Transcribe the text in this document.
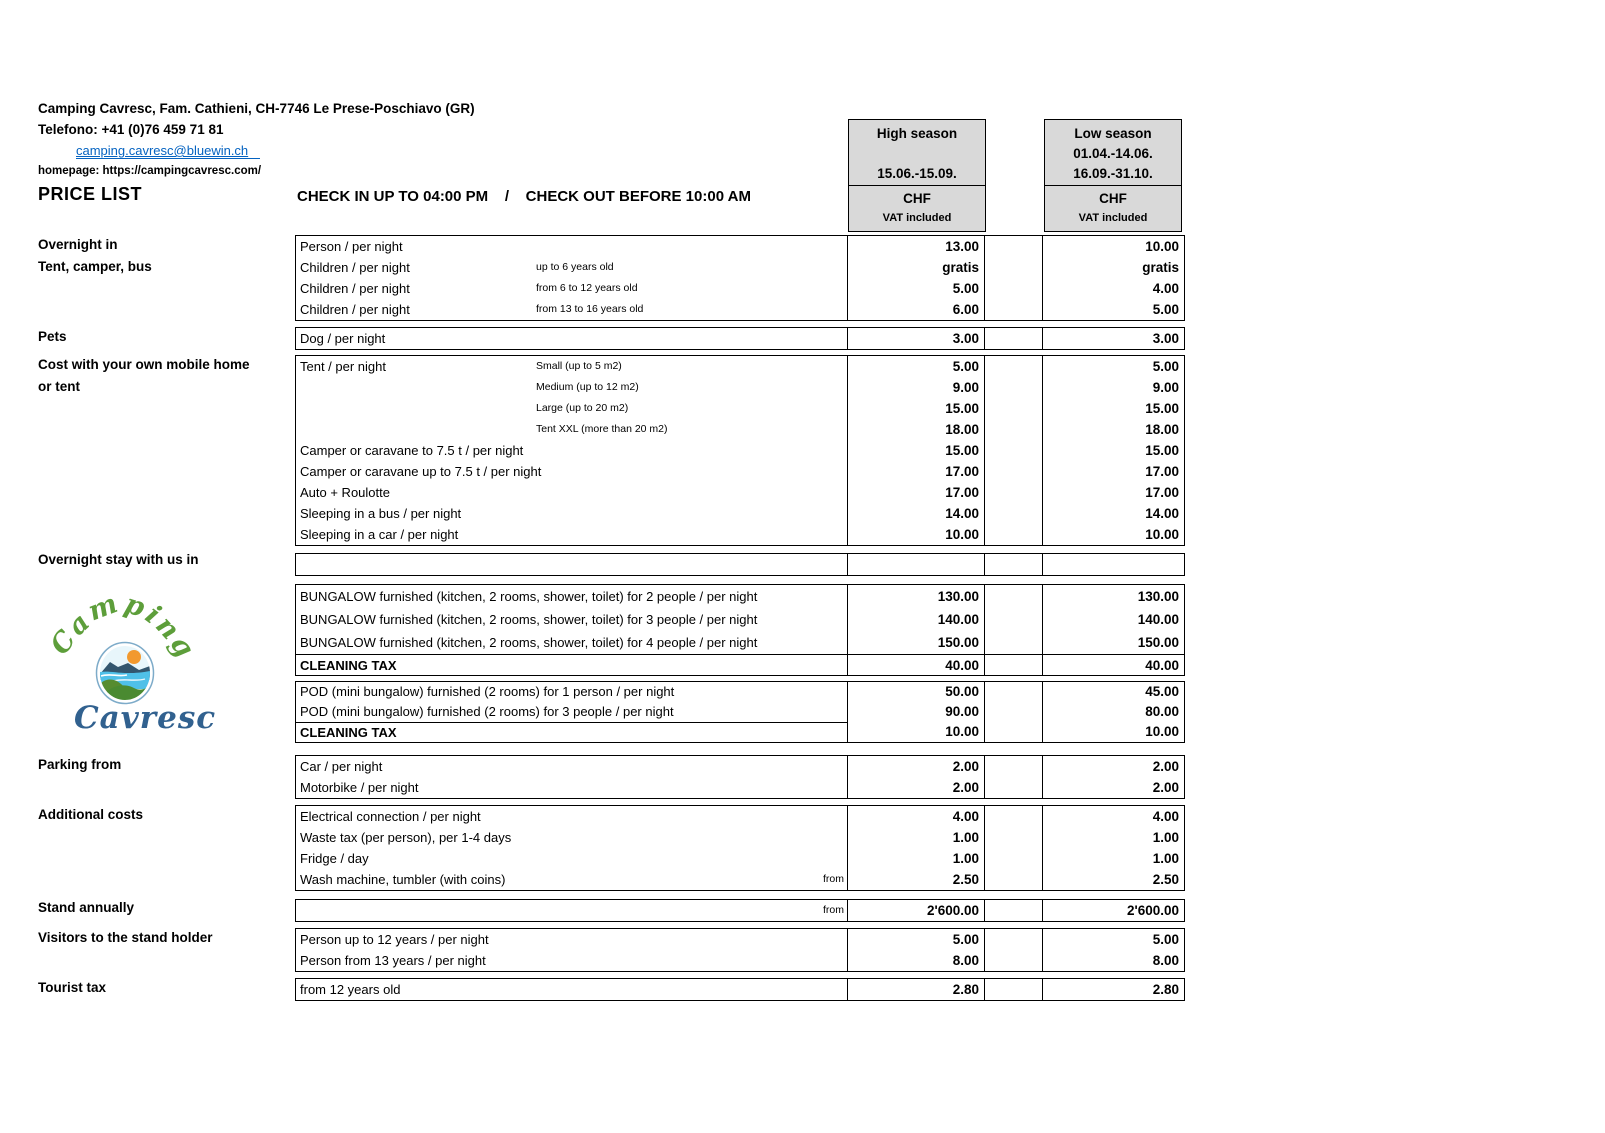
Camping Cavresc, Fam. Cathieni, CH-7746 Le Prese-Poschiavo (GR)
Telefono: +41 (0)76 459 71 81
camping.cavresc@bluewin.ch
homepage: https://campingcavresc.com/
PRICE LIST	CHECK IN UP TO 04:00 PM    /    CHECK OUT BEFORE 10:00 AM
High season
15.06.-15.09.
CHF
VAT included
Low season
01.04.-14.06.
16.09.-31.10.
CHF
VAT included
Overnight in
Tent, camper, bus
Pets
Cost with your own mobile home
or tent
Overnight stay with us in
Parking from
Additional costs
Stand annually
Visitors to the stand holder
Tourist tax
Camping
Cavresc
Person / per night	13.00	10.00
Children / per night	up to 6 years old	gratis	gratis
Children / per night	from 6 to 12 years old	5.00	4.00
Children / per night	from 13 to 16 years old	6.00	5.00
Dog / per night	3.00	3.00
Tent / per night	Small (up to 5 m2)	5.00	5.00
Medium (up to 12 m2)	9.00	9.00
Large (up to 20 m2)	15.00	15.00
Tent XXL (more than 20 m2)	18.00	18.00
Camper or caravane to 7.5 t / per night	15.00	15.00
Camper or caravane up to 7.5 t / per night	17.00	17.00
Auto + Roulotte	17.00	17.00
Sleeping in a bus / per night	14.00	14.00
Sleeping in a car / per night	10.00	10.00
BUNGALOW furnished (kitchen, 2 rooms, shower, toilet) for 2 people / per night	130.00	130.00
BUNGALOW furnished (kitchen, 2 rooms, shower, toilet) for 3 people / per night	140.00	140.00
BUNGALOW furnished (kitchen, 2 rooms, shower, toilet) for 4 people / per night	150.00	150.00
CLEANING TAX	40.00	40.00
POD (mini bungalow) furnished (2 rooms) for 1 person / per night	50.00	45.00
POD (mini bungalow) furnished (2 rooms) for 3 people / per night	90.00	80.00
CLEANING TAX	10.00	10.00
Car / per night	2.00	2.00
Motorbike / per night	2.00	2.00
Electrical connection / per night	4.00	4.00
Waste tax (per person), per 1-4 days	1.00	1.00
Fridge / day	1.00	1.00
Wash machine, tumbler (with coins)	from	2.50	2.50
from	2'600.00	2'600.00
Person up to 12 years / per night	5.00	5.00
Person from 13 years / per night	8.00	8.00
from 12 years old	2.80	2.80
